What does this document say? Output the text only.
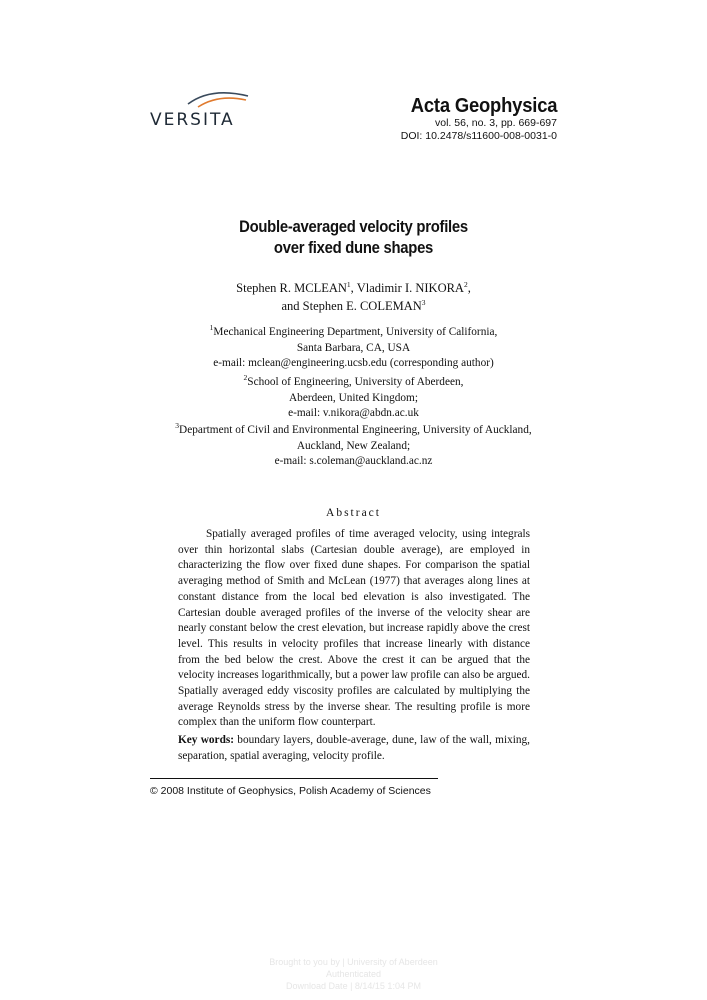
VERSITA
Acta Geophysica
vol. 56, no. 3, pp. 669-697
DOI: 10.2478/s11600-008-0031-0
Double-averaged velocity profiles
over fixed dune shapes
Stephen R. MCLEAN$^1$, Vladimir I. NIKORA$^2$,
and Stephen E. COLEMAN$^3$
$^1$Mechanical Engineering Department, University of California,
Santa Barbara, CA, USA
e-mail: mclean@engineering.ucsb.edu (corresponding author)
$^2$School of Engineering, University of Aberdeen,
Aberdeen, United Kingdom;
e-mail: v.nikora@abdn.ac.uk
$^3$Department of Civil and Environmental Engineering, University of Auckland,
Auckland, New Zealand;
e-mail: s.coleman@auckland.ac.nz
Abstract

Spatially averaged profiles of time averaged velocity, using integrals over thin horizontal slabs (Cartesian double average), are employed in characterizing the flow over fixed dune shapes. For comparison the spatial averaging method of Smith and McLean (1977) that averages along lines at constant distance from the local bed elevation is also investigated. The Cartesian double averaged profiles of the inverse of the velocity shear are nearly constant below the crest elevation, but increase rapidly above the crest level. This results in velocity profiles that increase linearly with distance from the bed below the crest. Above the crest it can be argued that the velocity increases logarithmically, but a power law profile can also be argued. Spatially averaged eddy viscosity profiles are calculated by multiplying the average Reynolds stress by the inverse shear. The resulting profile is more complex than the uniform flow counterpart.

Key words: boundary layers, double-average, dune, law of the wall, mixing, separation, spatial averaging, velocity profile.
© 2008 Institute of Geophysics, Polish Academy of Sciences
Brought to you by | University of Aberdeen
Authenticated
Download Date | 8/14/15 1:04 PM
